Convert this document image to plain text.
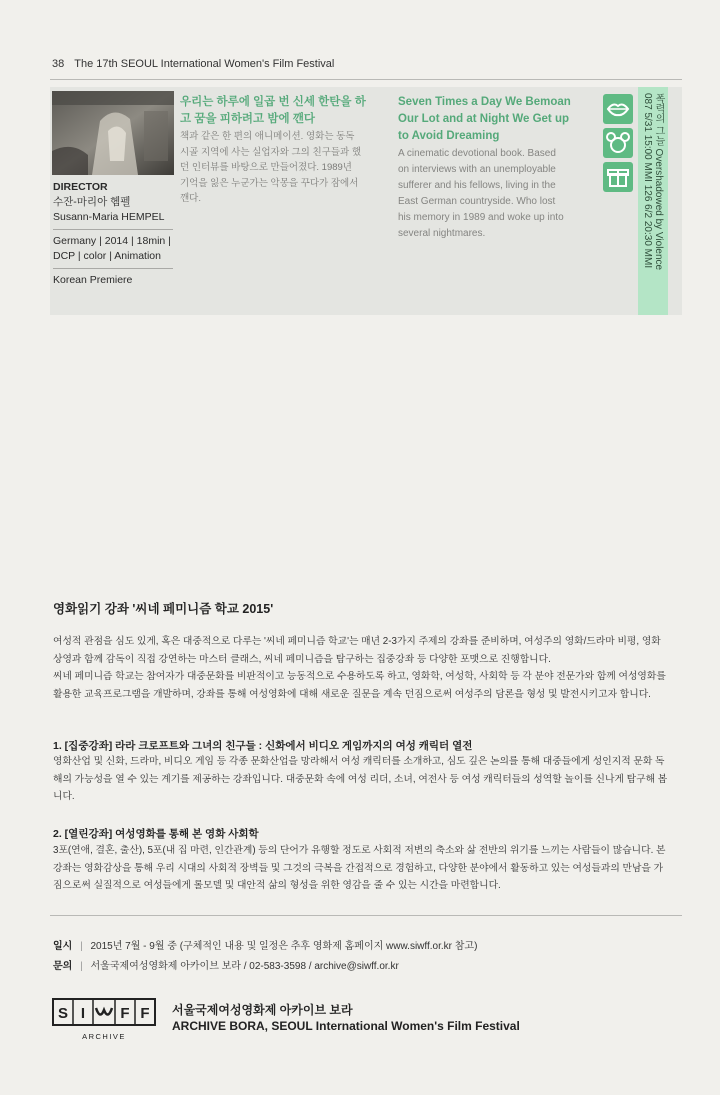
38 The 17th SEOUL International Women's Film Festival
DIRECTOR
수잔-마리아 헴펠
Susann-Maria HEMPEL
Germany | 2014 | 18min |
DCP | color | Animation
Korean Premiere
우리는 하루에 일곱 번 신세 한탄을 하
고 꿈을 피하려고 밤에 깬다
책과 같은 한 편의 애니메이션. 영화는 동독
시골 지역에 사는 실업자와 그의 친구들과 했
던 인터뷰를 바탕으로 만들어졌다. 1989년
기억을 잃은 누군가는 악몽을 꾸다가 잠에서
깬다.
Seven Times a Day We Bemoan
Our Lot and at Night We Get up
to Avoid Dreaming
A cinematic devotional book. Based
on interviews with an unemployable
sufferer and his fellows, living in the
East German countryside. Who lost
his memory in 1989 and woke up into
several nightmares.	폭력의 그늘 Overshadowed by Violence
087 5/31 15:00 MMI 126 6/2 20:30 MMI
영화읽기 강좌 '씨네 페미니즘 학교 2015'
여성적 관점을 심도 있게, 혹은 대중적으로 다루는 '씨네 페미니즘 학교'는 매년 2-3가지 주제의 강좌를 준비하며, 여성주의 영화/드라마 비평, 영화
상영과 함께 감독이 직접 강연하는 마스터 클래스, 씨네 페미니즘을 탐구하는 집중강좌 등 다양한 포맷으로 진행합니다.
씨네 페미니즘 학교는 참여자가 대중문화를 비판적이고 능동적으로 수용하도록 하고, 영화학, 여성학, 사회학 등 각 분야 전문가와 함께 여성영화를
활용한 교육프로그램을 개발하며, 강좌를 통해 여성영화에 대해 새로운 질문을 계속 던짐으로써 여성주의 담론을 형성 및 발전시키고자 합니다.
1. [집중강좌] 라라 크로프트와 그녀의 친구들 : 신화에서 비디오 게임까지의 여성 캐릭터 열전
영화산업 및 신화, 드라마, 비디오 게임 등 각종 문화산업을 망라해서 여성 캐릭터를 소개하고, 심도 깊은 논의를 통해 대중들에게 성인지적 문화 독
해의 가능성을 열 수 있는 계기를 제공하는 강좌입니다. 대중문화 속에 여성 리더, 소녀, 여전사 등 여성 캐릭터들의 성역할 놀이를 신나게 탐구해 봅
니다.
2. [열린강좌] 여성영화를 통해 본 영화 사회학
3포(연애, 결혼, 출산), 5포(내 집 마련, 인간관계) 등의 단어가 유행할 정도로 사회적 저변의 축소와 삶 전반의 위기를 느끼는 사람들이 많습니다. 본
강좌는 영화감상을 통해 우리 시대의 사회적 장벽들 및 그것의 극복을 간접적으로 경험하고, 다양한 분야에서 활동하고 있는 여성들과의 만남을 가
짐으로써 실질적으로 여성들에게 롤모델 및 대안적 삶의 형성을 위한 영감을 줄 수 있는 시간을 마련합니다.
일시 | 2015년 7월 - 9월 중 (구체적인 내용 및 일정은 추후 영화제 홈페이지 www.siwff.or.kr 참고)
문의 | 서울국제여성영화제 아카이브 보라 / 02-583-3598 / archive@siwff.or.kr
S I F F
ARCHIVE
서울국제여성영화제 아카이브 보라
ARCHIVE BORA, SEOUL International Women's Film Festival
